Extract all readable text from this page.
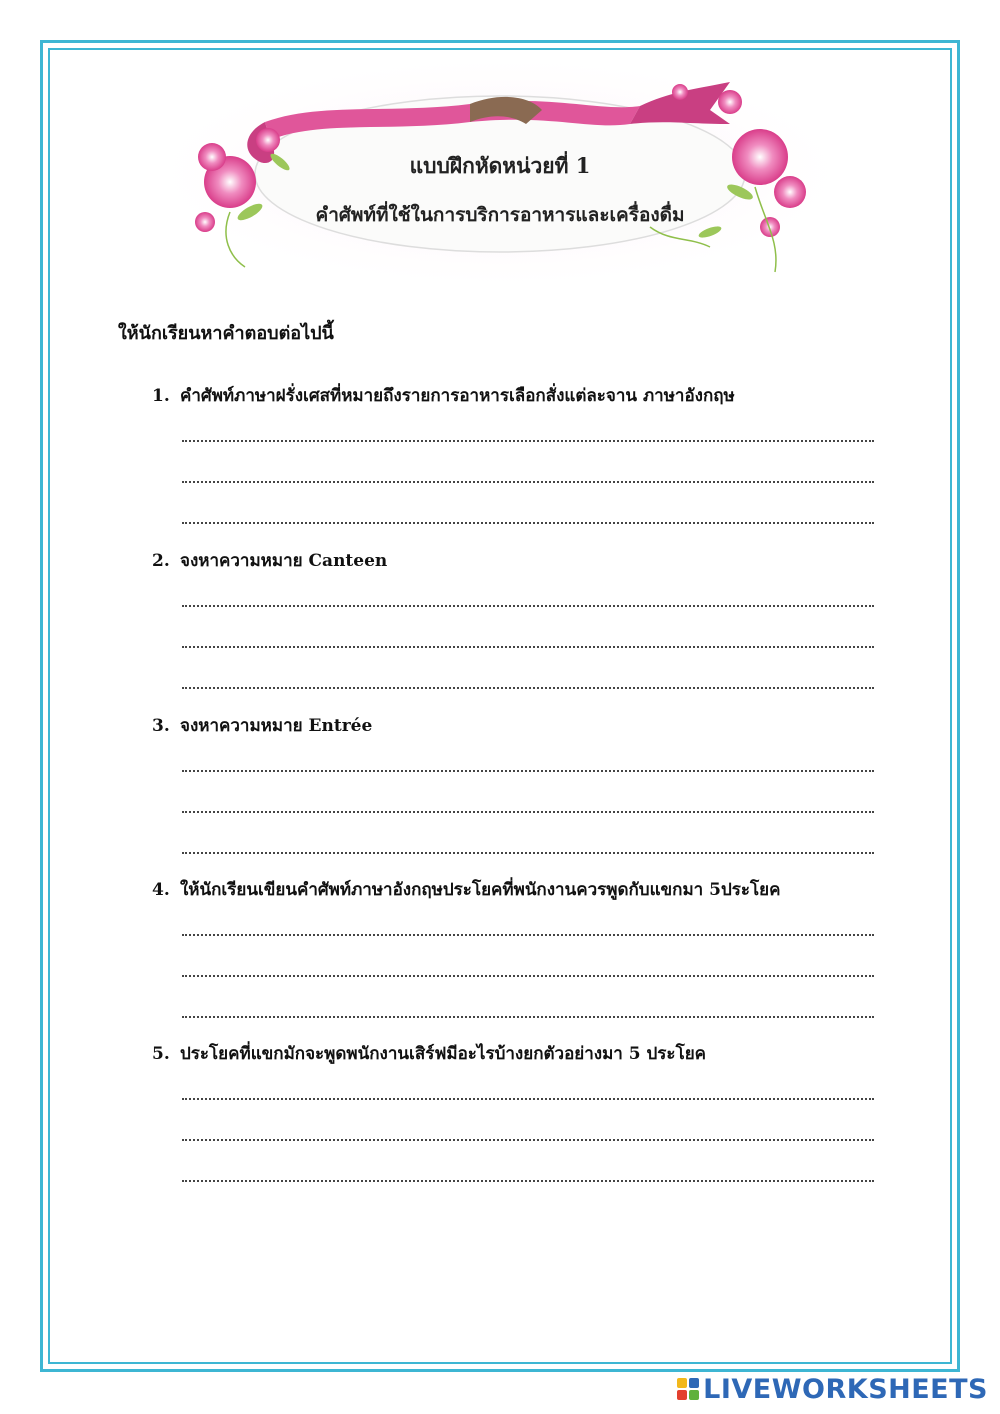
แบบฝึกหัดหน่วยที่ 1
คำศัพท์ที่ใช้ในการบริการอาหารและเครื่องดื่ม
ให้นักเรียนหาคำตอบต่อไปนี้
1. คำศัพท์ภาษาฝรั่งเศสที่หมายถึงรายการอาหารเลือกสั่งแต่ละจาน ภาษาอังกฤษ
2. จงหาความหมาย Canteen
3. จงหาความหมาย Entrée
4. ให้นักเรียนเขียนคำศัพท์ภาษาอังกฤษประโยคที่พนักงานควรพูดกับแขกมา 5ประโยค
5. ประโยคที่แขกมักจะพูดพนักงานเสิร์ฟมีอะไรบ้างยกตัวอย่างมา 5 ประโยค
LIVEWORKSHEETS
